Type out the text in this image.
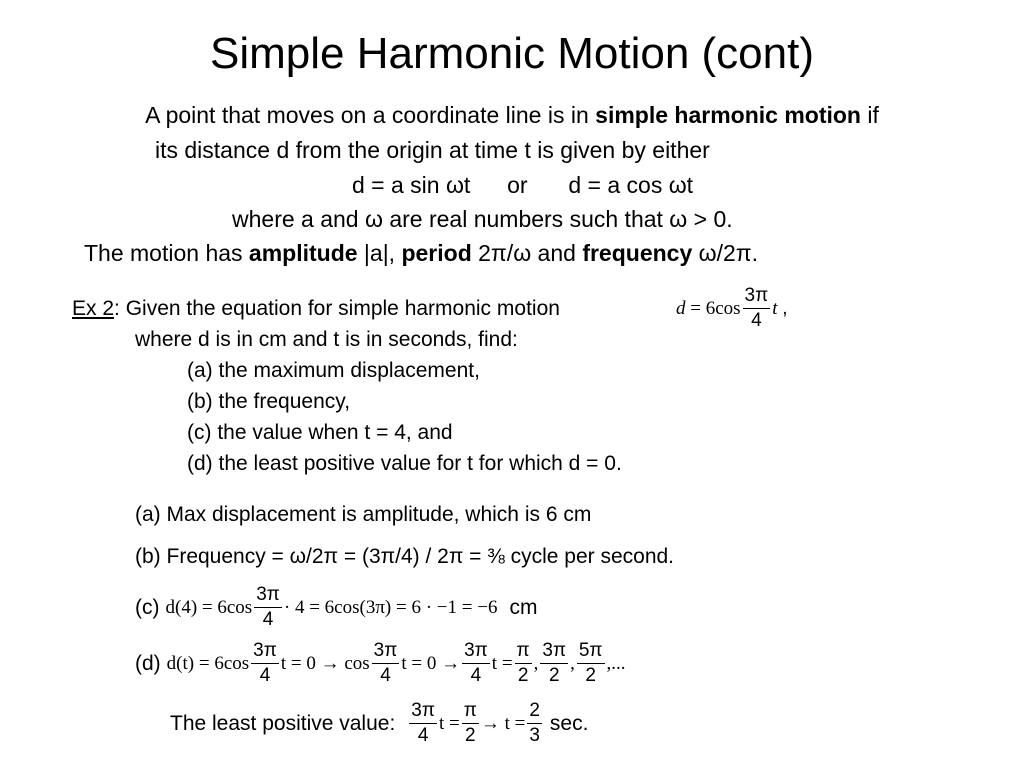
Simple Harmonic Motion (cont)
A point that moves on a coordinate line is in simple harmonic motion if
its distance d from the origin at time t is given by either
d = a sin ωt or d = a cos ωt
where a and ω are real numbers such that ω > 0.
The motion has amplitude |a|, period 2π/ω and frequency ω/2π.
Ex 2: Given the equation for simple harmonic motion	d
=
$6\cos \frac{3\pi}{4}$ t
,
where d is in cm and t is in seconds, find:
(a) the maximum displacement,
(b) the frequency,
(c) the value when t = 4, and
(d) the least positive value for t for which d = 0.
(a) Max displacement is amplitude, which is 6 cm
(b) Frequency = ω/2π = (3π/4) / 2π = ⅜ cycle per second.
(c) $d(4) = 6\cos \frac{3\pi}{4} \cdot 4 = 6\cos(3\pi) = 6 \cdot -1 = -6$ cm
(d) $d(t) = 6\cos \frac{3\pi}{4}$ $t = 0 \to \cos \frac{3\pi}{4}$ $t = 0 \to \frac{3\pi}{4}$ $t = \frac{\pi}{2}$ , $\frac{3\pi}{2}$ , $\frac{5\pi}{2}$ ,...
The least positive value: $\frac{3\pi}{4}$ $t = \frac{\pi}{2} \to t = \frac{2}{3} \sec$.
